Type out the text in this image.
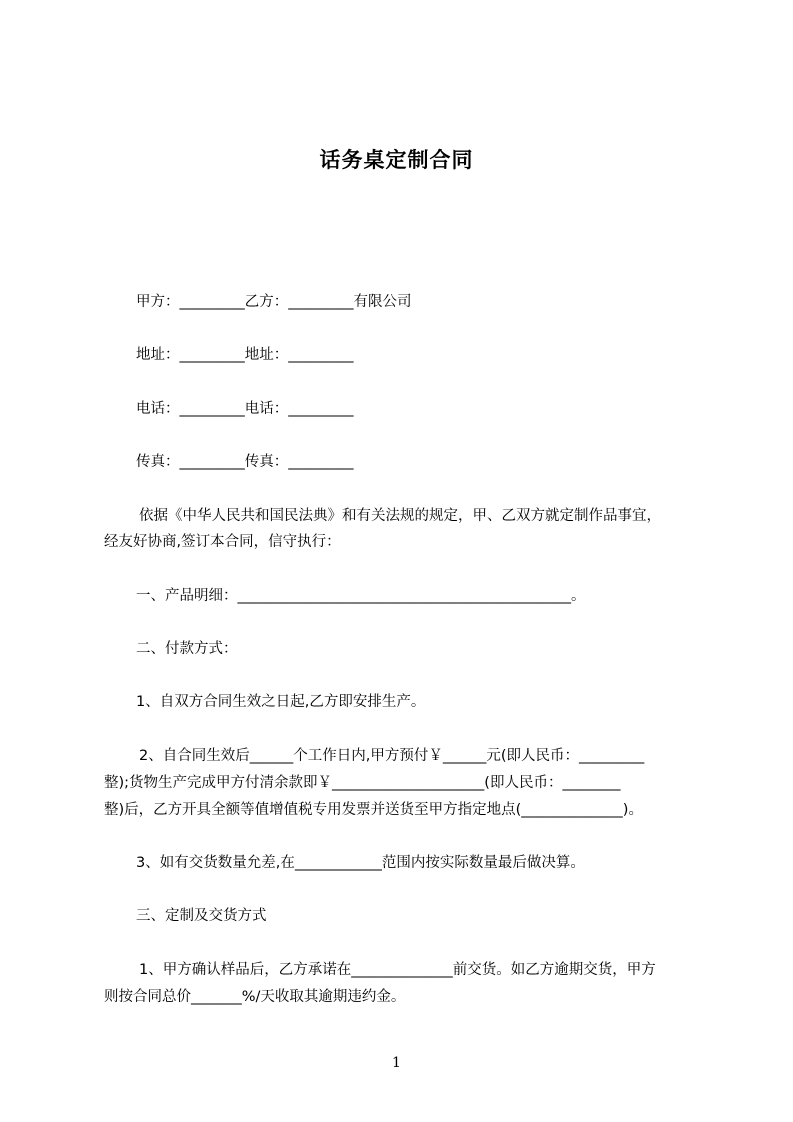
话务桌定制合同
甲方：_________乙方：_________有限公司
地址：_________地址：_________
电话：_________电话：_________
传真：_________传真：_________
依据《中华人民共和国民法典》和有关法规的规定，甲、乙双方就定制作品事宜，
经友好协商,签订本合同，信守执行：
一、产品明细：______________________________________________。
二、付款方式：
1、自双方合同生效之日起,乙方即安排生产。
2、自合同生效后______个工作日内,甲方预付￥______元(即人民币：_________
整);货物生产完成甲方付清余款即￥_____________________(即人民币：________
整)后，乙方开具全额等值增值税专用发票并送货至甲方指定地点(______________)。
3、如有交货数量允差,在____________范围内按实际数量最后做决算。
三、定制及交货方式
1、甲方确认样品后，乙方承诺在______________前交货。如乙方逾期交货，甲方
则按合同总价_______%/天收取其逾期违约金。
1
